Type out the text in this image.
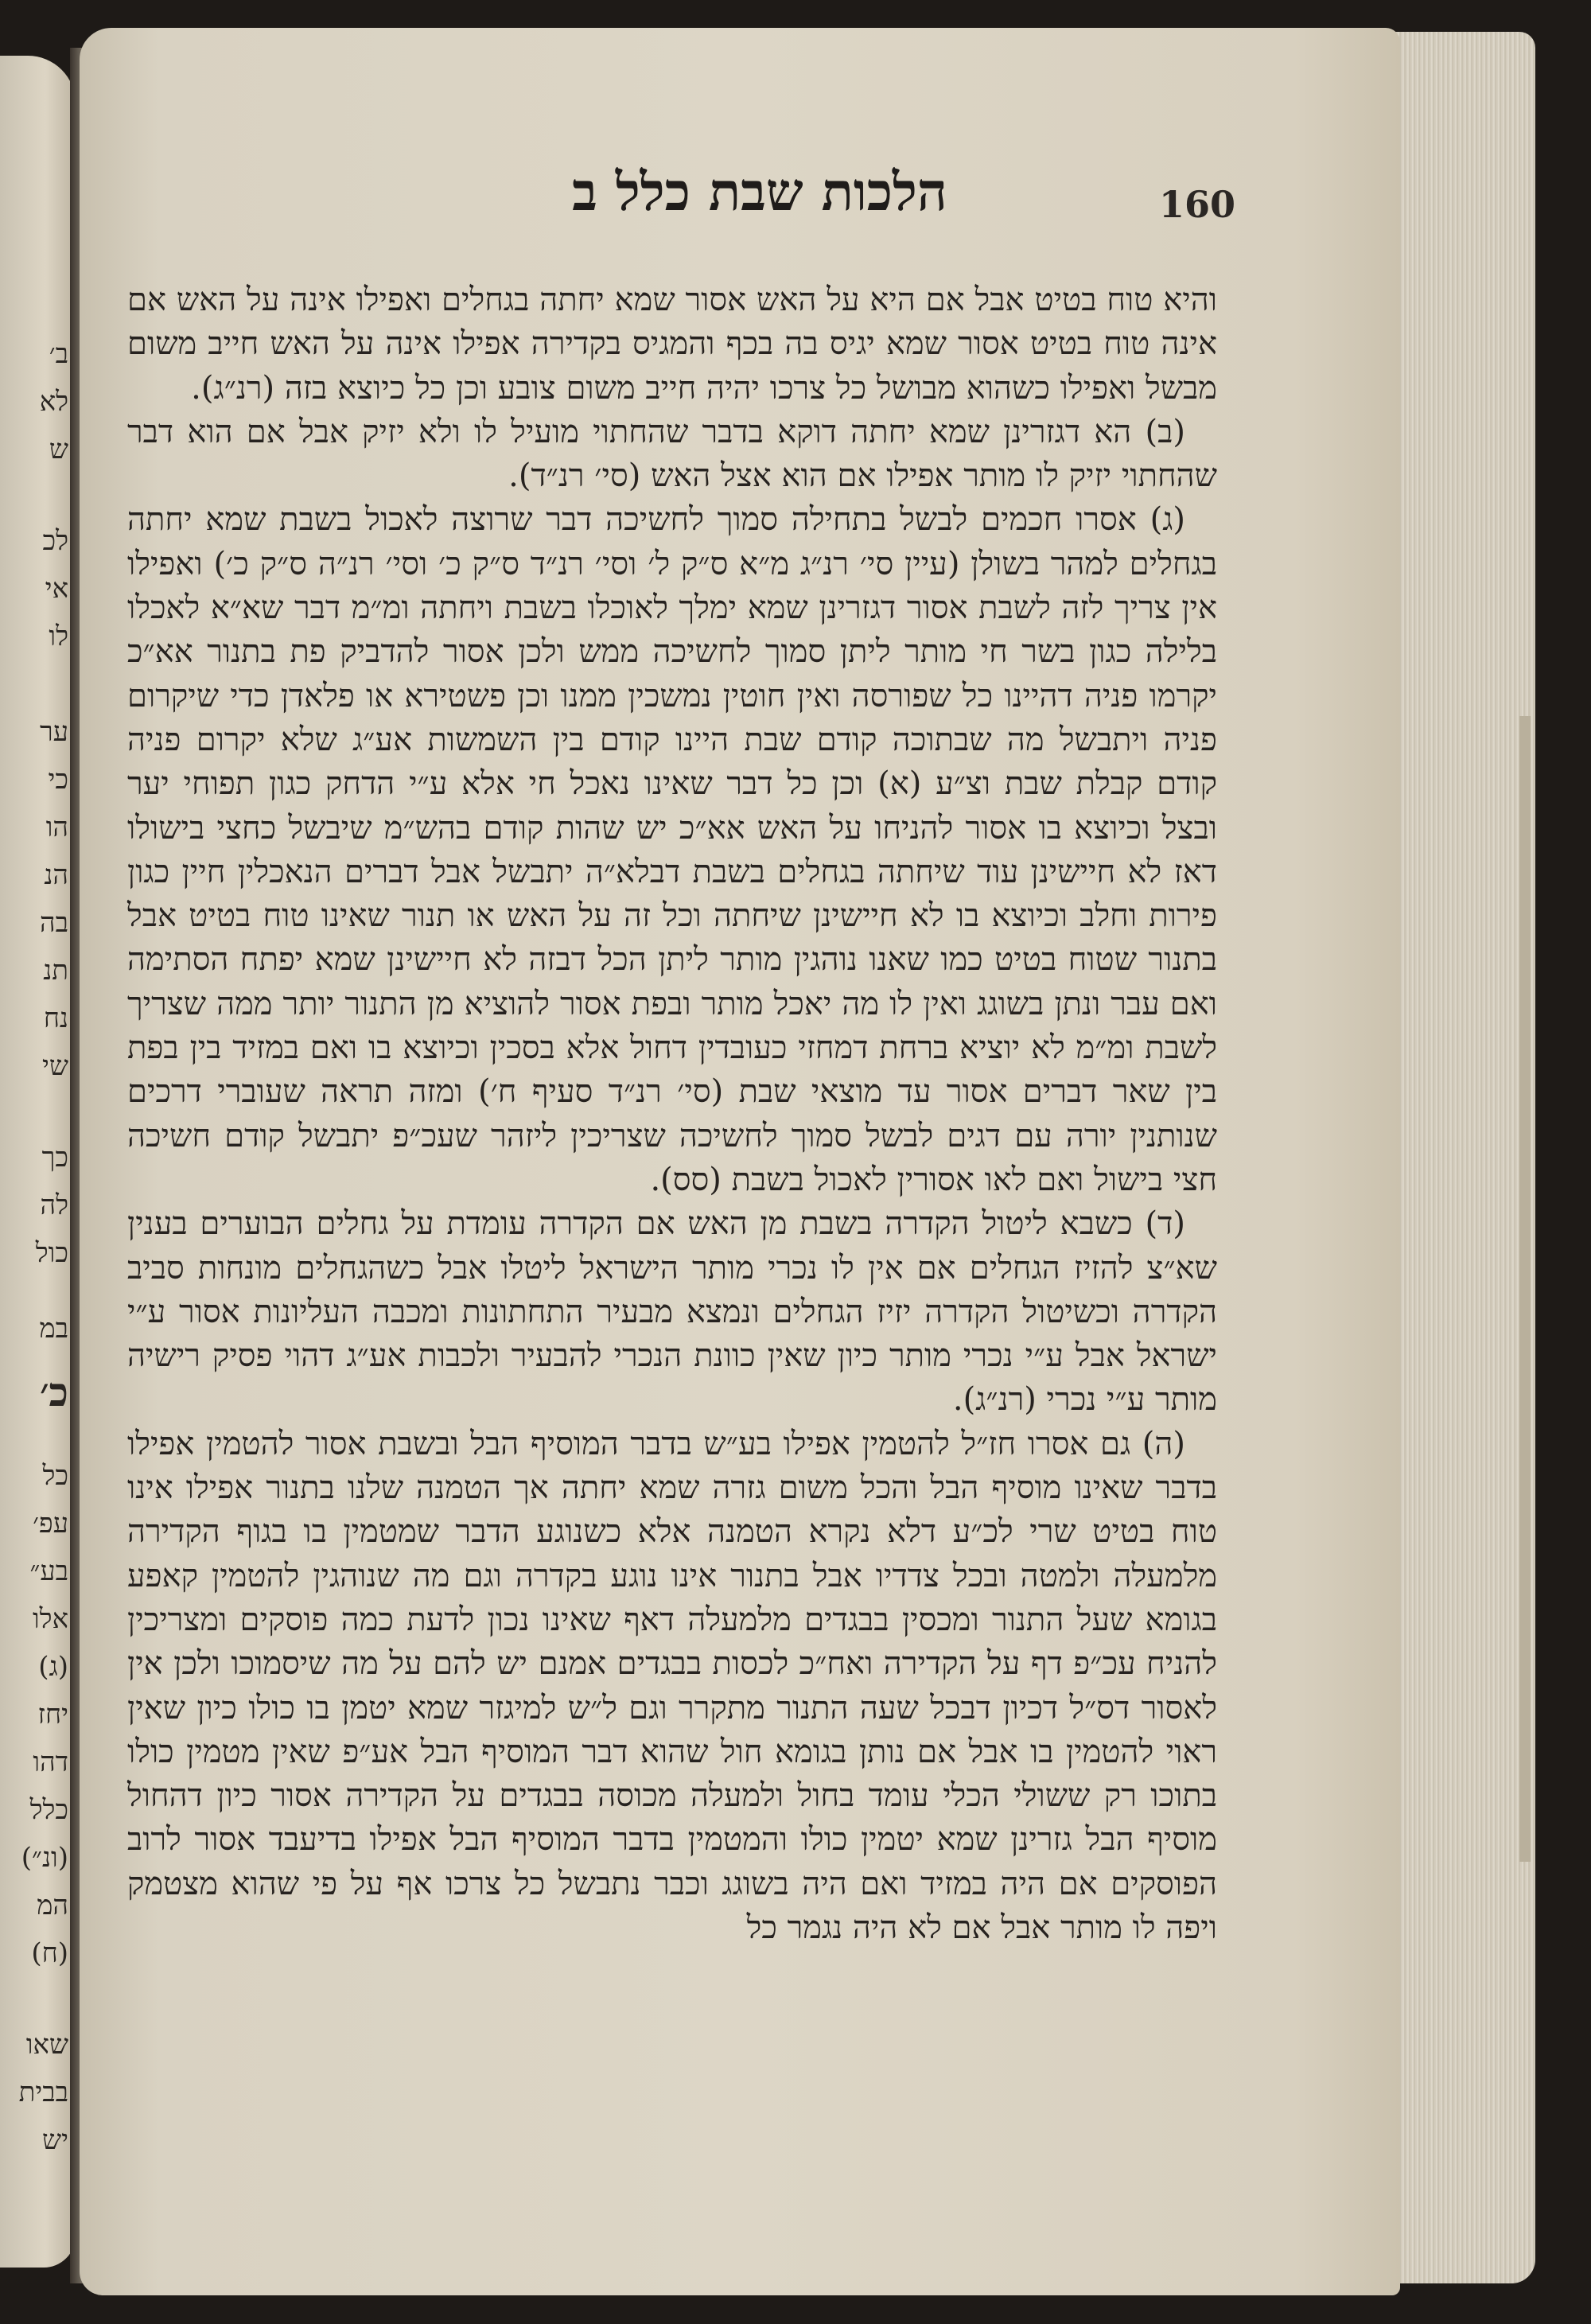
ב׳
לא
ש
לכ
אי
לו
ער
כי
הו
הנ
בה
תנ
נח
שי
כך
לה
כול
במ
כ׳
כל
עפ׳
בע״
אלו
(ג)
יחז
דהו
כלל
(ונ״)
המ
(ח)
שאו
בבית
יש
הלכות שבת כלל ב	160

והיא טוח בטיט אבל אם היא על האש אסור שמא יחתה בגחלים ואפילו אינה על האש אם אינה טוח בטיט אסור שמא יגיס בה בכף והמגיס בקדירה אפילו אינה על האש חייב משום מבשל ואפילו כשהוא מבושל כל צרכו יהיה חייב משום צובע וכן כל כיוצא בזה (רנ״ג).

(ב) הא דגזרינן שמא יחתה דוקא בדבר שהחתוי מועיל לו ולא יזיק אבל אם הוא דבר שהחתוי יזיק לו מותר אפילו אם הוא אצל האש (סי׳ רנ״ד).

(ג) אסרו חכמים לבשל בתחילה סמוך לחשיכה דבר שרוצה לאכול בשבת שמא יחתה בגחלים למהר בשולן (עיין סי׳ רנ״ג מ״א ס״ק ל׳ וסי׳ רנ״ד ס״ק כ׳ וסי׳ רנ״ה ס״ק כ׳) ואפילו אין צריך לזה לשבת אסור דגזרינן שמא ימלך לאוכלו בשבת ויחתה ומ״מ דבר שא״א לאכלו בלילה כגון בשר חי מותר ליתן סמוך לחשיכה ממש ולכן אסור להדביק פת בתנור אא״כ יקרמו פניה דהיינו כל שפורסה ואין חוטין נמשכין ממנו וכן פשטירא או פלאדן כדי שיקרום פניה ויתבשל מה שבתוכה קודם שבת היינו קודם בין השמשות אע״ג שלא יקרום פניה קודם קבלת שבת וצ״ע (א) וכן כל דבר שאינו נאכל חי אלא ע״י הדחק כגון תפוחי יער ובצל וכיוצא בו אסור להניחו על האש אא״כ יש שהות קודם בהש״מ שיבשל כחצי בישולו דאז לא חיישינן עוד שיחתה בגחלים בשבת דבלא״ה יתבשל אבל דברים הנאכלין חיין כגון פירות וחלב וכיוצא בו לא חיישינן שיחתה וכל זה על האש או תנור שאינו טוח בטיט אבל בתנור שטוח בטיט כמו שאנו נוהגין מותר ליתן הכל דבזה לא חיישינן שמא יפתח הסתימה ואם עבר ונתן בשוגג ואין לו מה יאכל מותר ובפת אסור להוציא מן התנור יותר ממה שצריך לשבת ומ״מ לא יוציא ברחת דמחזי כעובדין דחול אלא בסכין וכיוצא בו ואם במזיד בין בפת בין שאר דברים אסור עד מוצאי שבת (סי׳ רנ״ד סעיף ח׳) ומזה תראה שעוברי דרכים שנותנין יורה עם דגים לבשל סמוך לחשיכה שצריכין ליזהר שעכ״פ יתבשל קודם חשיכה חצי בישול ואם לאו אסורין לאכול בשבת (סס).

(ד) כשבא ליטול הקדרה בשבת מן האש אם הקדרה עומדת על גחלים הבוערים בענין שא״צ להזיז הגחלים אם אין לו נכרי מותר הישראל ליטלו אבל כשהגחלים מונחות סביב הקדרה וכשיטול הקדרה יזיז הגחלים ונמצא מבעיר התחתונות ומכבה העליונות אסור ע״י ישראל אבל ע״י נכרי מותר כיון שאין כוונת הנכרי להבעיר ולכבות אע״ג דהוי פסיק רישיה מותר ע״י נכרי (רנ״ג).

(ה) גם אסרו חז״ל להטמין אפילו בע״ש בדבר המוסיף הבל ובשבת אסור להטמין אפילו בדבר שאינו מוסיף הבל והכל משום גזרה שמא יחתה אך הטמנה שלנו בתנור אפילו אינו טוח בטיט שרי לכ״ע דלא נקרא הטמנה אלא כשנוגע הדבר שמטמין בו בגוף הקדירה מלמעלה ולמטה ובכל צדדיו אבל בתנור אינו נוגע בקדרה וגם מה שנוהגין להטמין קאפע בגומא שעל התנור ומכסין בבגדים מלמעלה דאף שאינו נכון לדעת כמה פוסקים ומצריכין להניח עכ״פ דף על הקדירה ואח״כ לכסות בבגדים אמנם יש להם על מה שיסמוכו ולכן אין לאסור דס״ל דכיון דבכל שעה התנור מתקרר וגם ל״ש למיגזר שמא יטמן בו כולו כיון שאין ראוי להטמין בו אבל אם נותן בגומא חול שהוא דבר המוסיף הבל אע״פ שאין מטמין כולו בתוכו רק ששולי הכלי עומד בחול ולמעלה מכוסה בבגדים על הקדירה אסור כיון דהחול מוסיף הבל גזרינן שמא יטמין כולו והמטמין בדבר המוסיף הבל אפילו בדיעבד אסור לרוב הפוסקים אם היה במזיד ואם היה בשוגג וכבר נתבשל כל צרכו אף על פי שהוא מצטמק ויפה לו מותר אבל אם לא היה נגמר כל
